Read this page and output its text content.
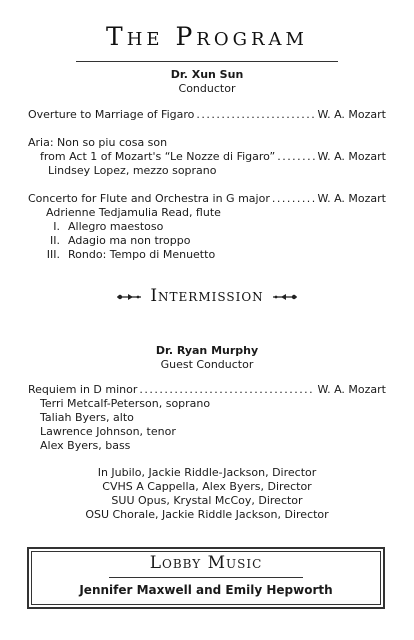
The Program
Dr. Xun Sun
Conductor
Overture to Marriage of Figaro . . .	W. A. Mozart
Aria: Non so piu cosa son
from Act 1 of Mozart's “Le Nozze di Figaro” . . .	W. A. Mozart
Lindsey Lopez, mezzo soprano
Concerto for Flute and Orchestra in G major . . .	W. A. Mozart
Adrienne Tedjamulia Read, flute
I. Allegro maestoso
II. Adagio ma non troppo
III. Rondo: Tempo di Menuetto
Intermission
Dr. Ryan Murphy
Guest Conductor
Requiem in D minor . . .	W. A. Mozart
Terri Metcalf-Peterson, soprano
Taliah Byers, alto
Lawrence Johnson, tenor
Alex Byers, bass
In Jubilo, Jackie Riddle-Jackson, Director
CVHS A Cappella, Alex Byers, Director
SUU Opus, Krystal McCoy, Director
OSU Chorale, Jackie Riddle Jackson, Director
Lobby Music
Jennifer Maxwell and Emily Hepworth
